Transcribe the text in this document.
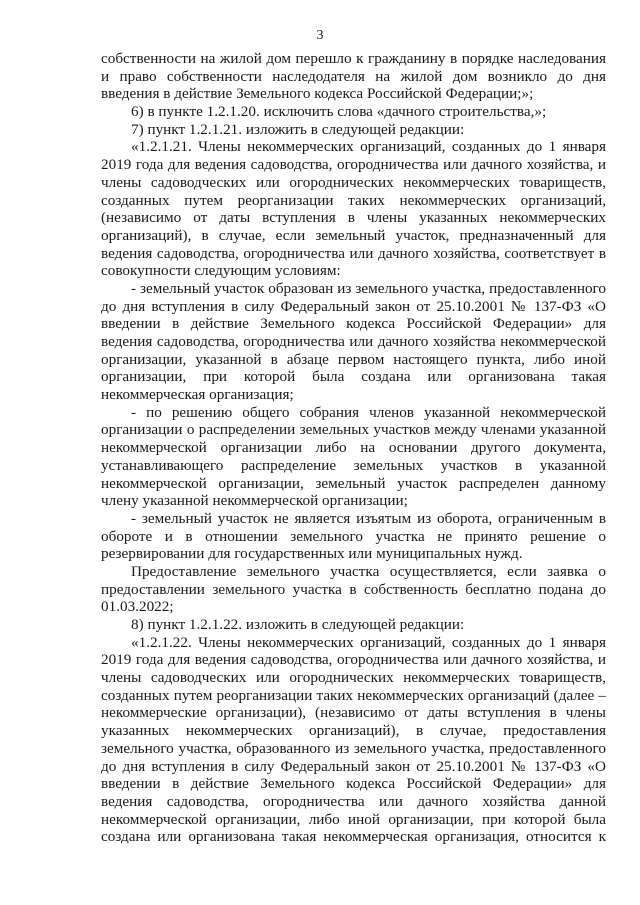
3
собственности на жилой дом перешло к гражданину в порядке наследования
и право собственности наследодателя на жилой дом возникло до дня
введения в действие Земельного кодекса Российской Федерации;»;
6) в пункте 1.2.1.20. исключить слова «дачного строительства,»;
7) пункт 1.2.1.21. изложить в следующей редакции:
«1.2.1.21. Члены некоммерческих организаций, созданных до 1 января
2019 года для ведения садоводства, огородничества или дачного хозяйства, и
члены садоводческих или огороднических некоммерческих товариществ,
созданных путем реорганизации таких некоммерческих организаций,
(независимо от даты вступления в члены указанных некоммерческих
организаций), в случае, если земельный участок, предназначенный для
ведения садоводства, огородничества или дачного хозяйства, соответствует в
совокупности следующим условиям:
- земельный участок образован из земельного участка, предоставленного
до дня вступления в силу Федеральный закон от 25.10.2001 № 137-ФЗ «О
введении в действие Земельного кодекса Российской Федерации» для
ведения садоводства, огородничества или дачного хозяйства некоммерческой
организации, указанной в абзаце первом настоящего пункта, либо иной
организации, при которой была создана или организована такая
некоммерческая организация;
- по решению общего собрания членов указанной некоммерческой
организации о распределении земельных участков между членами указанной
некоммерческой организации либо на основании другого документа,
устанавливающего распределение земельных участков в указанной
некоммерческой организации, земельный участок распределен данному
члену указанной некоммерческой организации;
- земельный участок не является изъятым из оборота, ограниченным в
обороте и в отношении земельного участка не принято решение о
резервировании для государственных или муниципальных нужд.
Предоставление земельного участка осуществляется, если заявка о
предоставлении земельного участка в собственность бесплатно подана до
01.03.2022;
8) пункт 1.2.1.22. изложить в следующей редакции:
«1.2.1.22. Члены некоммерческих организаций, созданных до 1 января
2019 года для ведения садоводства, огородничества или дачного хозяйства, и
члены садоводческих или огороднических некоммерческих товариществ,
созданных путем реорганизации таких некоммерческих организаций (далее –
некоммерческие организации), (независимо от даты вступления в члены
указанных некоммерческих организаций), в случае, предоставления
земельного участка, образованного из земельного участка, предоставленного
до дня вступления в силу Федеральный закон от 25.10.2001 № 137-ФЗ «О
введении в действие Земельного кодекса Российской Федерации» для
ведения садоводства, огородничества или дачного хозяйства данной
некоммерческой организации, либо иной организации, при которой была
создана или организована такая некоммерческая организация, относится к
